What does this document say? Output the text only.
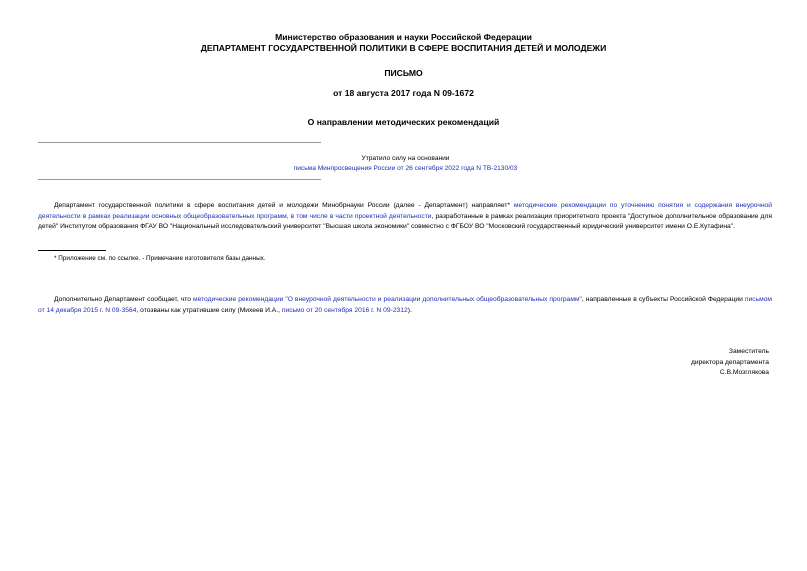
Министерство образования и науки Российской Федерации
ДЕПАРТАМЕНТ ГОСУДАРСТВЕННОЙ ПОЛИТИКИ В СФЕРЕ ВОСПИТАНИЯ ДЕТЕЙ И МОЛОДЕЖИ
ПИСЬМО
от 18 августа 2017 года N 09-1672
О направлении методических рекомендаций
Утратило силу на основании
письма Минпросвещения России от 26 сентября 2022 года N ТВ-2130/03
Департамент государственной политики в сфере воспитания детей и молодежи Минобрнауки России (далее - Департамент) направляет* методические рекомендации по уточнению понятия и содержания внеурочной деятельности в рамках реализации основных общеобразовательных программ, в том числе в части проектной деятельности, разработанные в рамках реализации приоритетного проекта "Доступное дополнительное образование для детей" Институтом образования ФГАУ ВО "Национальный исследовательский университет "Высшая школа экономики" совместно с ФГБОУ ВО "Московский государственный юридический университет имени О.Е.Кутафина".
* Приложение см. по ссылке. - Примечание изготовителя базы данных.
Дополнительно Департамент сообщает, что методические рекомендации "О внеурочной деятельности и реализации дополнительных общеобразовательных программ", направленные в субъекты Российской Федерации письмом от 14 декабря 2015 г. N 09-3564, отозваны как утратившие силу (Михеев И.А., письмо от 20 сентября 2016 г. N 09-2312).
Заместитель
директора департамента
С.В.Мозглякова
